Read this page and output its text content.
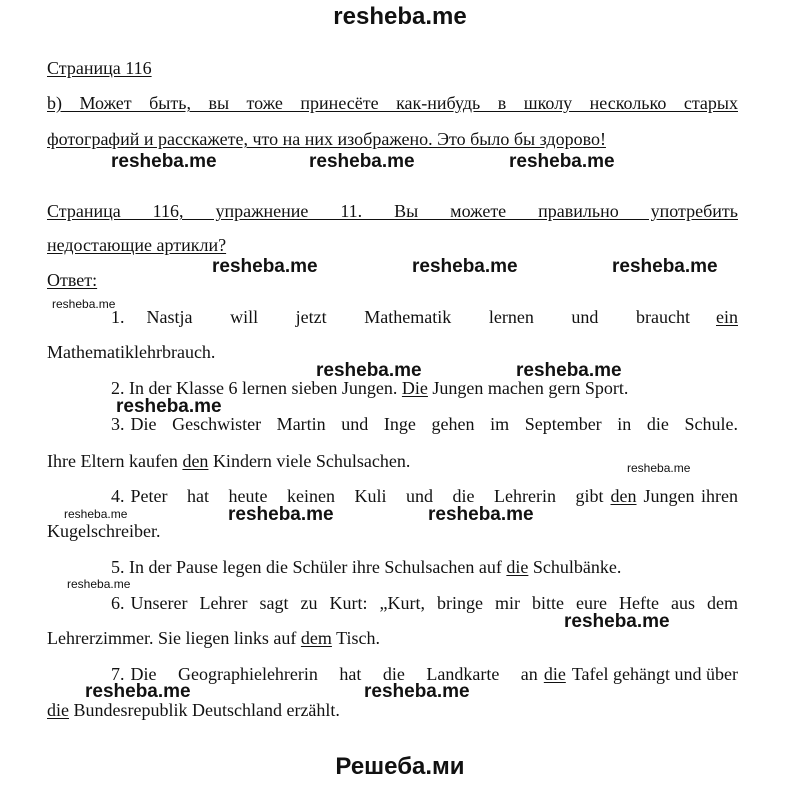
resheba.me
Страница 116
b) Может быть, вы тоже принесёте как-нибудь в школу несколько старых
фотографий и расскажете, что на них изображено. Это было бы здорово!
Страница 116, упражнение 11. Вы можете правильно употребить
недостающие артикли?
Ответ:
1. Nastja will jetzt Mathematik lernen und braucht ein
Mathematiklehrbrauch.
2. In der Klasse 6 lernen sieben Jungen. Die Jungen machen gern Sport.
3. Die Geschwister Martin und Inge gehen im September in die Schule.
Ihre Eltern kaufen den Kindern viele Schulsachen.
4. Peter hat heute keinen Kuli und die Lehrerin gibt den Jungen ihren
Kugelschreiber.
5. In der Pause legen die Schüler ihre Schulsachen auf die Schulbänke.
6. Unserer Lehrer sagt zu Kurt: „Kurt, bringe mir bitte eure Hefte aus dem
Lehrerzimmer. Sie liegen links auf dem Tisch.
7. Die Geographielehrerin hat die Landkarte an die Tafel gehängt und über
die Bundesrepublik Deutschland erzählt.
resheba.me	resheba.me	resheba.me
resheba.me	resheba.me	resheba.me
resheba.me
resheba.me	resheba.me
resheba.me
resheba.me
resheba.me	resheba.me	resheba.me
resheba.me
resheba.me
resheba.me	resheba.me
Решеба.ми
